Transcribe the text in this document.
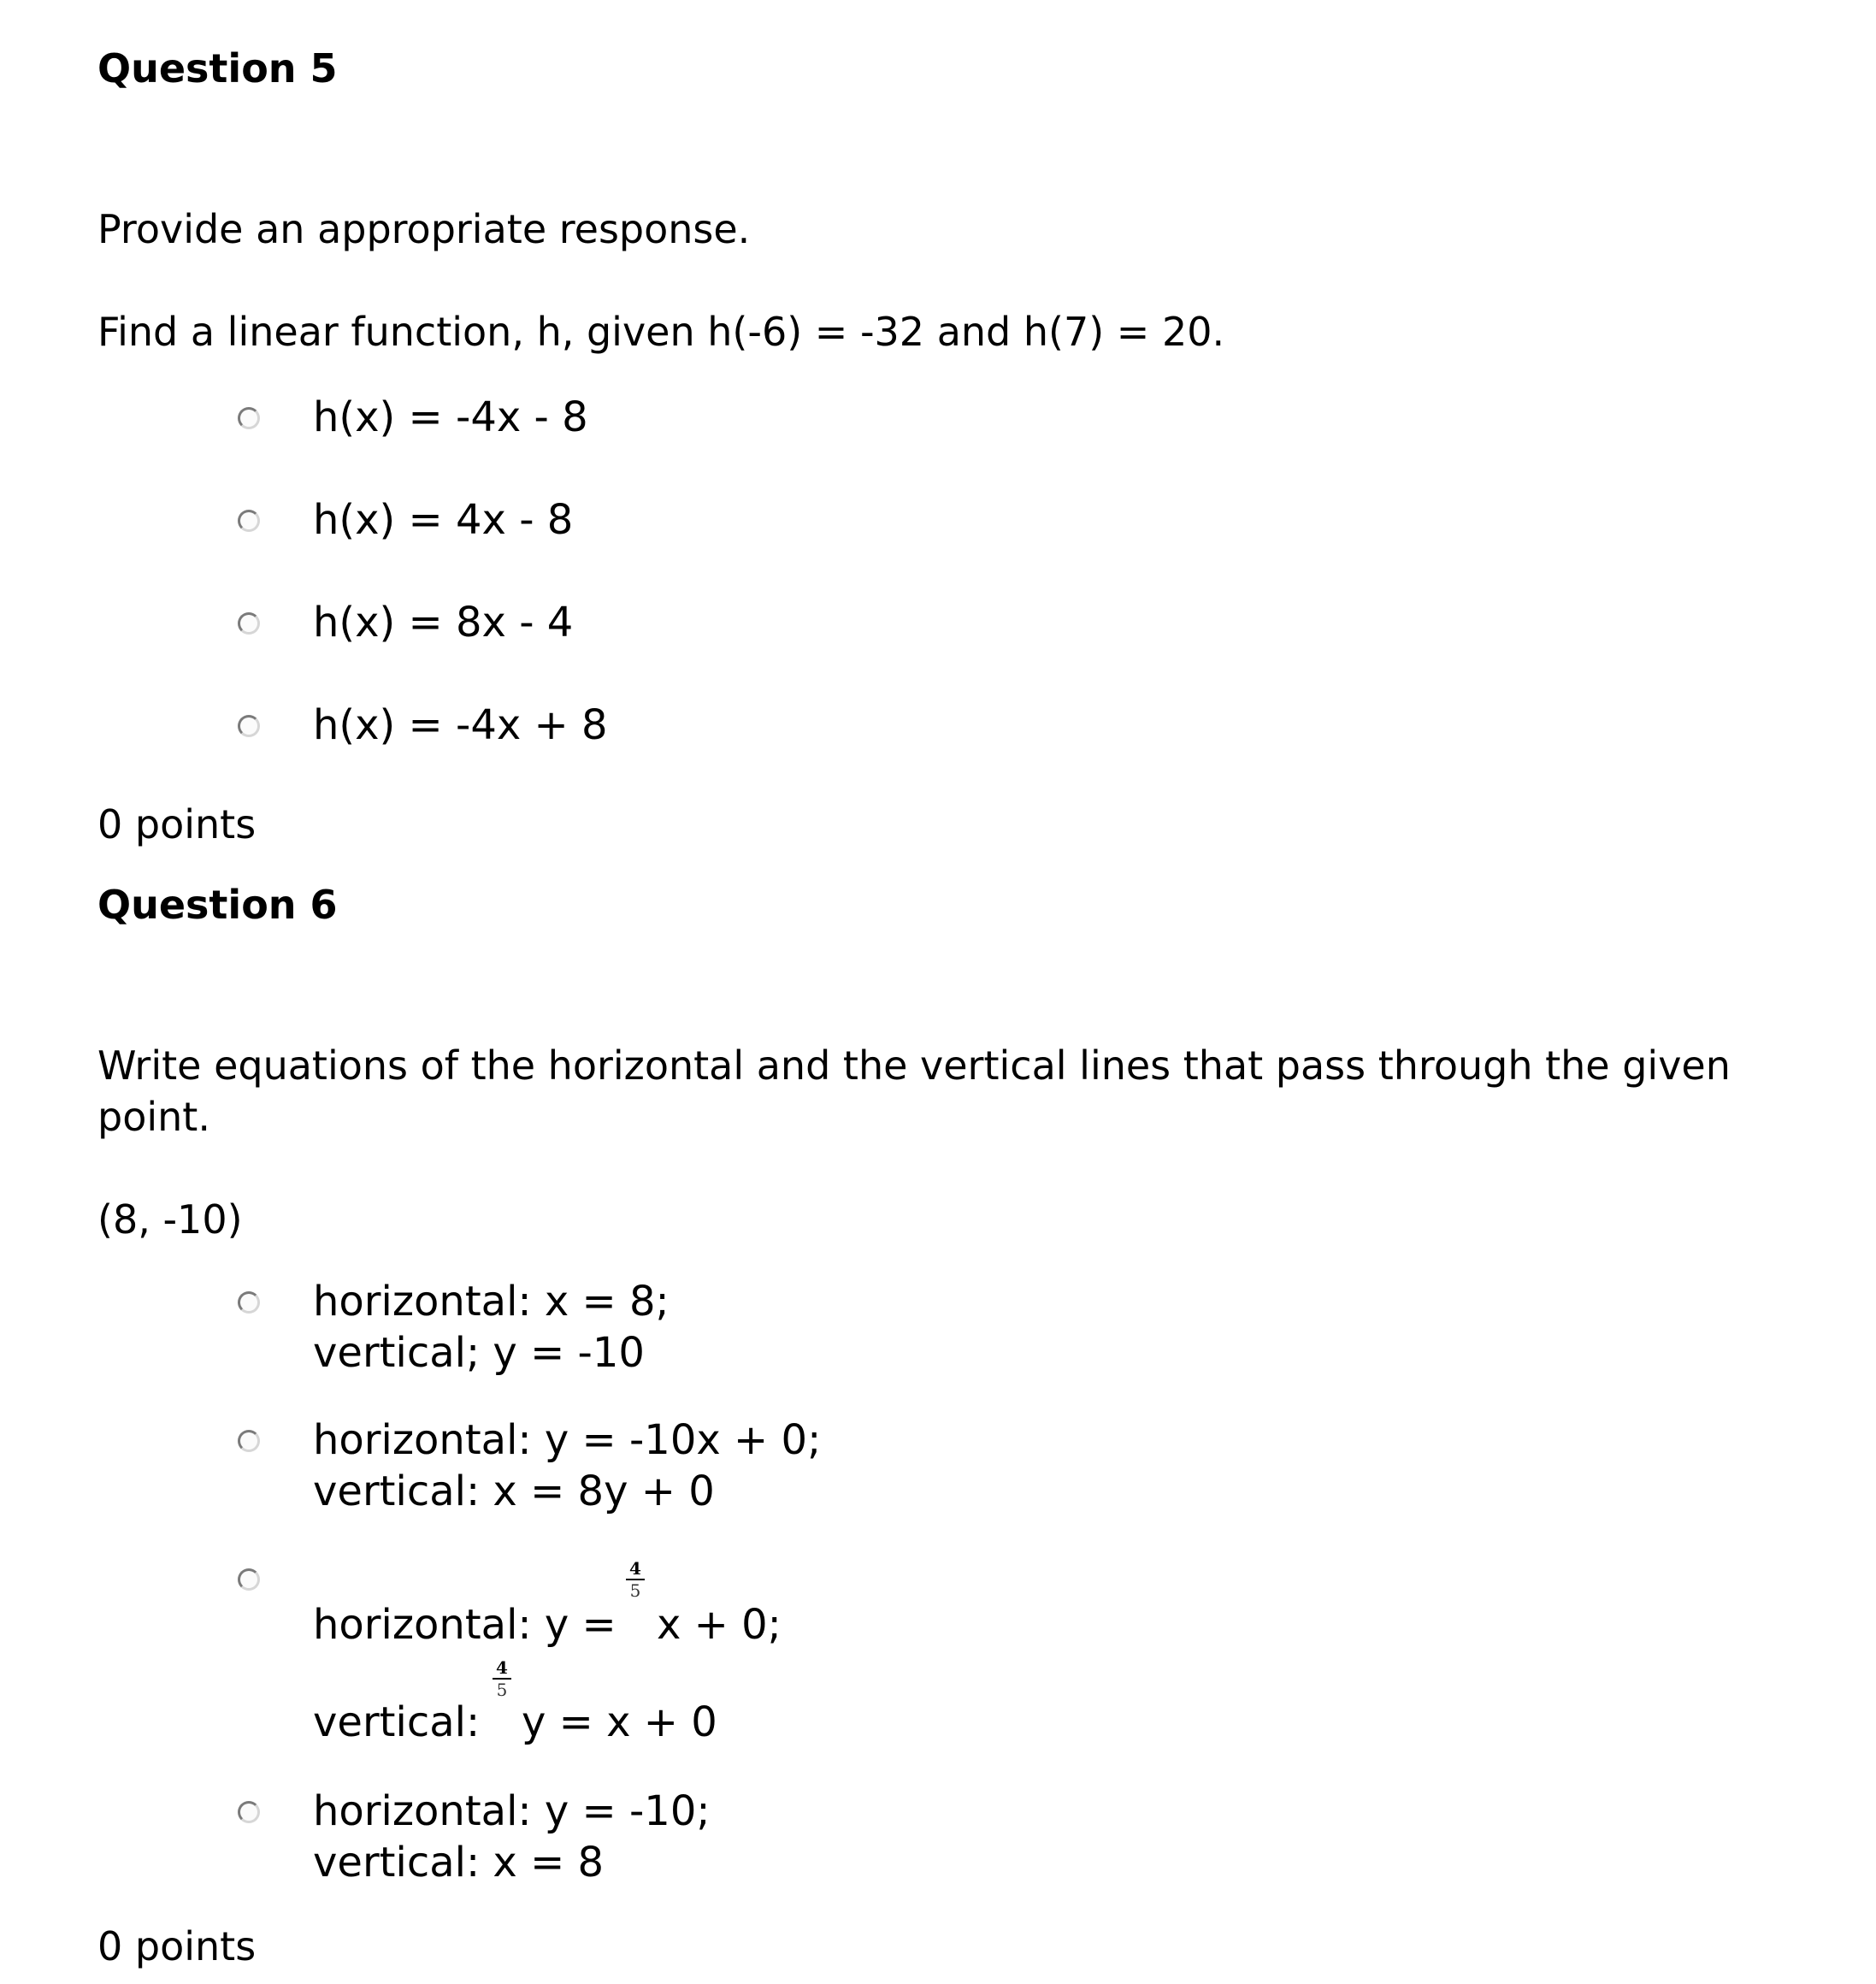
Question 5
Provide an appropriate response.
Find a linear function, h, given h(-6) = -32 and h(7) = 20.
h(x) = -4x - 8
h(x) = 4x - 8
h(x) = 8x - 4
h(x) = -4x + 8
0 points
Question 6
Write equations of the horizontal and the vertical lines that pass through the given
point.
(8, -10)
horizontal: x = 8;
vertical; y = -10
horizontal: y = -10x + 0;
vertical: x = 8y + 0
horizontal: y =
$\frac{4}{5}$
x + 0;
vertical:
$\frac{4}{5}$
y = x + 0
horizontal: y = -10;
vertical: x = 8
0 points
